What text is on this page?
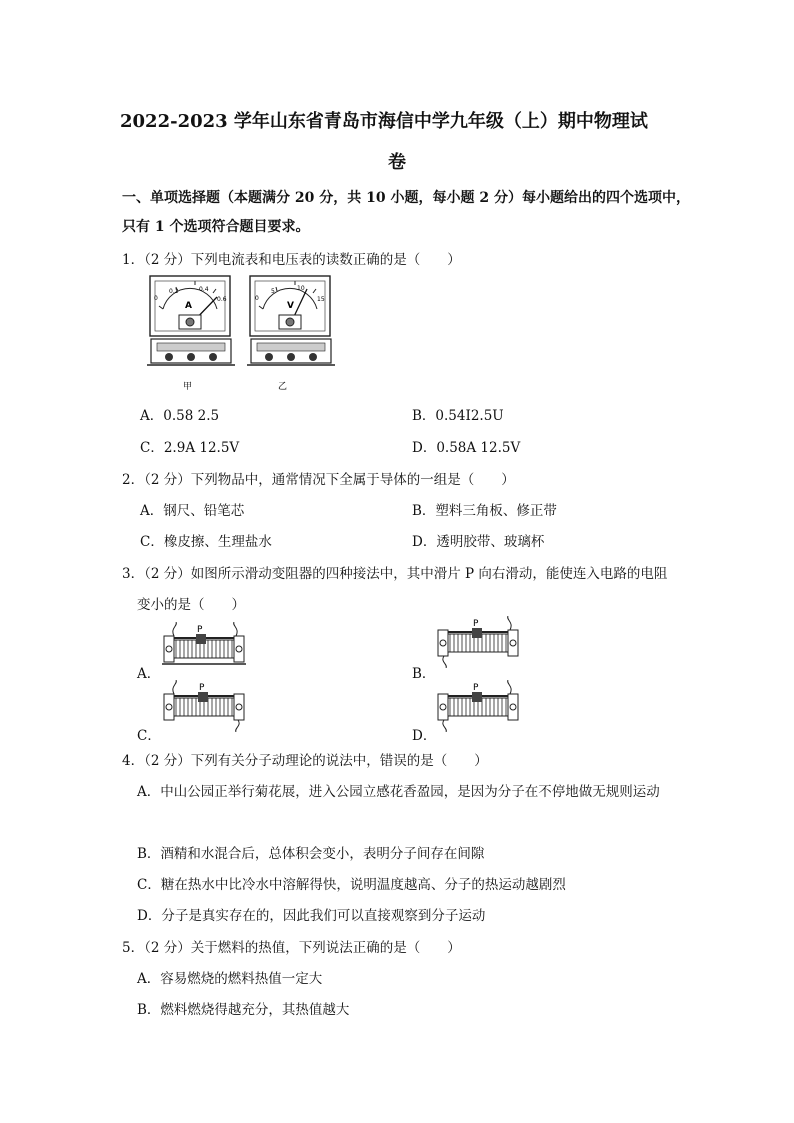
2022-2023 学年山东省青岛市海信中学九年级（上）期中物理试
卷
一、单项选择题（本题满分 20 分，共 10 小题，每小题 2 分）每小题给出的四个选项中，
只有 1 个选项符合题目要求。
1．（2 分）下列电流表和电压表的读数正确的是（　　）
0
0.2	0.4
0.6
A
甲
0
5	10
15
V
乙
A．0.58 2.5	B．0.54I2.5U
C．2.9A 12.5V	D．0.58A 12.5V
2．（2 分）下列物品中，通常情况下全属于导体的一组是（　　）
A．钢尺、铅笔芯	B．塑料三角板、修正带
C．橡皮擦、生理盐水	D．透明胶带、玻璃杯
3．（2 分）如图所示滑动变阻器的四种接法中，其中滑片 P 向右滑动，能使连入电路的电阻
变小的是（　　）
A．
P
B．
P
C．
P
D．
P
4．（2 分）下列有关分子动理论的说法中，错误的是（　　）
A．中山公园正举行菊花展，进入公园立感花香盈园，是因为分子在不停地做无规则运动
B．酒精和水混合后，总体积会变小，表明分子间存在间隙
C．糖在热水中比冷水中溶解得快，说明温度越高、分子的热运动越剧烈
D．分子是真实存在的，因此我们可以直接观察到分子运动
5．（2 分）关于燃料的热值，下列说法正确的是（　　）
A．容易燃烧的燃料热值一定大
B．燃料燃烧得越充分，其热值越大
